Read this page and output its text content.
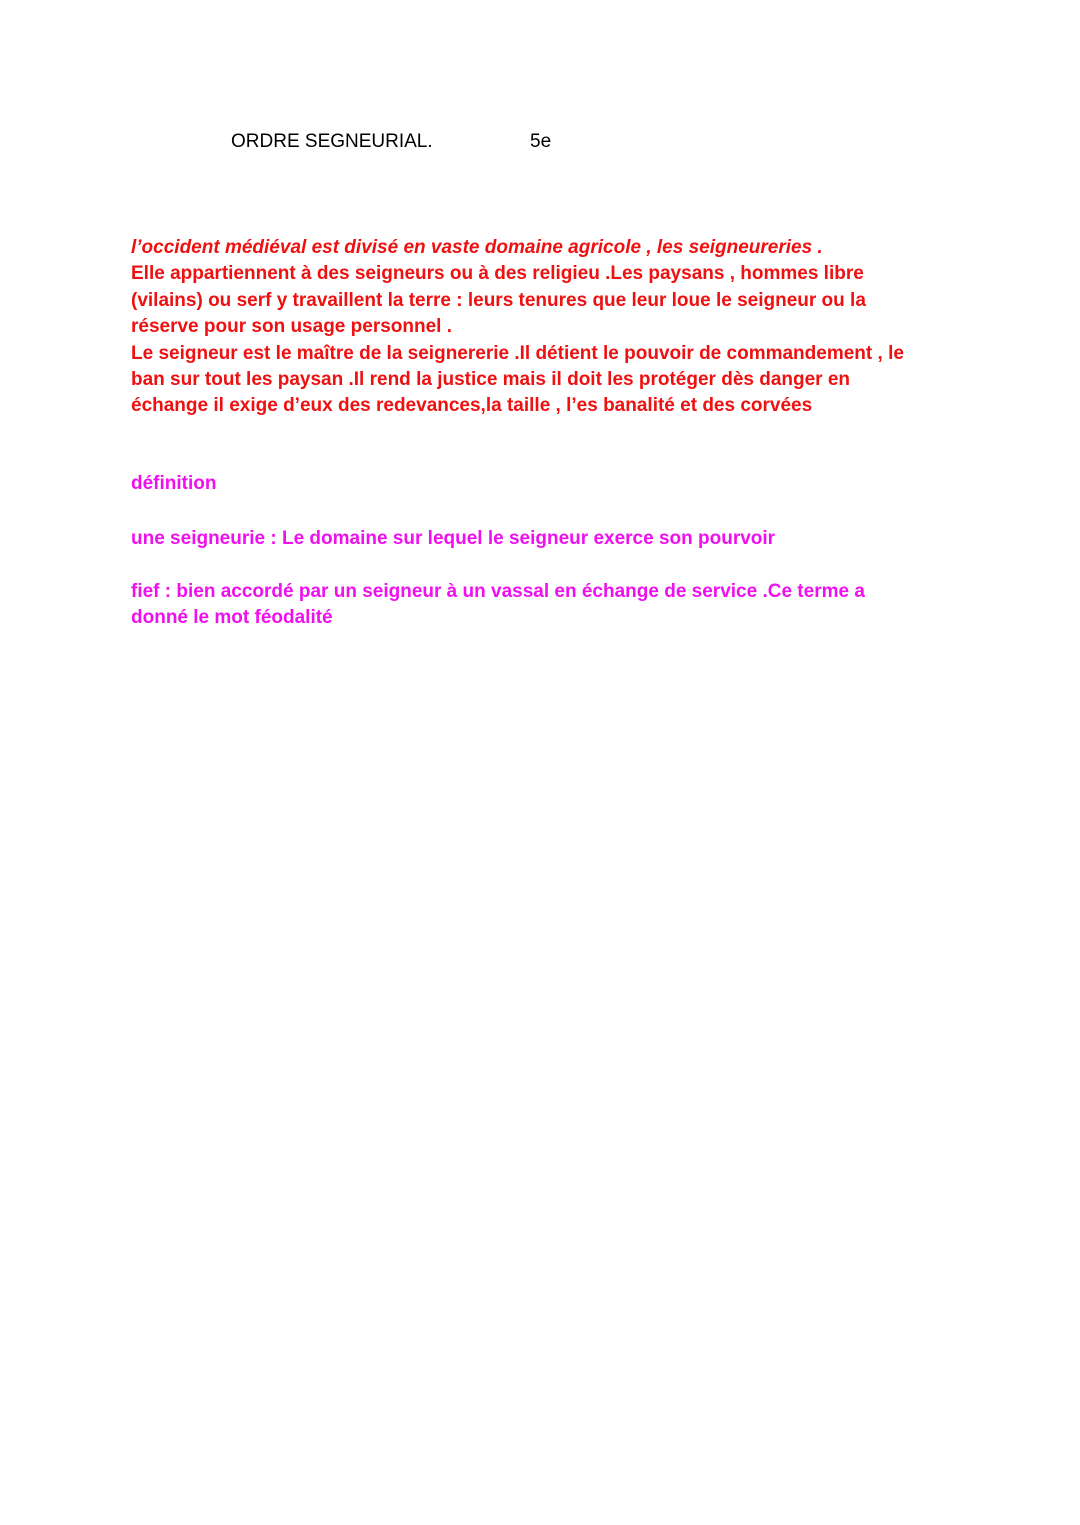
ORDRE SEGNEURIAL.	5e
l’occident médiéval est divisé en vaste domaine agricole , les seigneureries .
Elle appartiennent à des seigneurs ou à des religieu .Les paysans , hommes libre
(vilains) ou serf y travaillent la terre : leurs tenures que leur loue le seigneur ou la
réserve pour son usage personnel .
Le seigneur est le maître de la seignererie .Il détient le pouvoir de commandement , le
ban sur tout les paysan .Il rend la justice mais il doit les protéger dès danger en
échange il exige d’eux des redevances,la taille , l’es banalité et des corvées
définition
une seigneurie : Le domaine sur lequel le seigneur exerce son pourvoir
fief : bien accordé par un seigneur à un vassal en échange de service .Ce terme a
donné le mot féodalité
